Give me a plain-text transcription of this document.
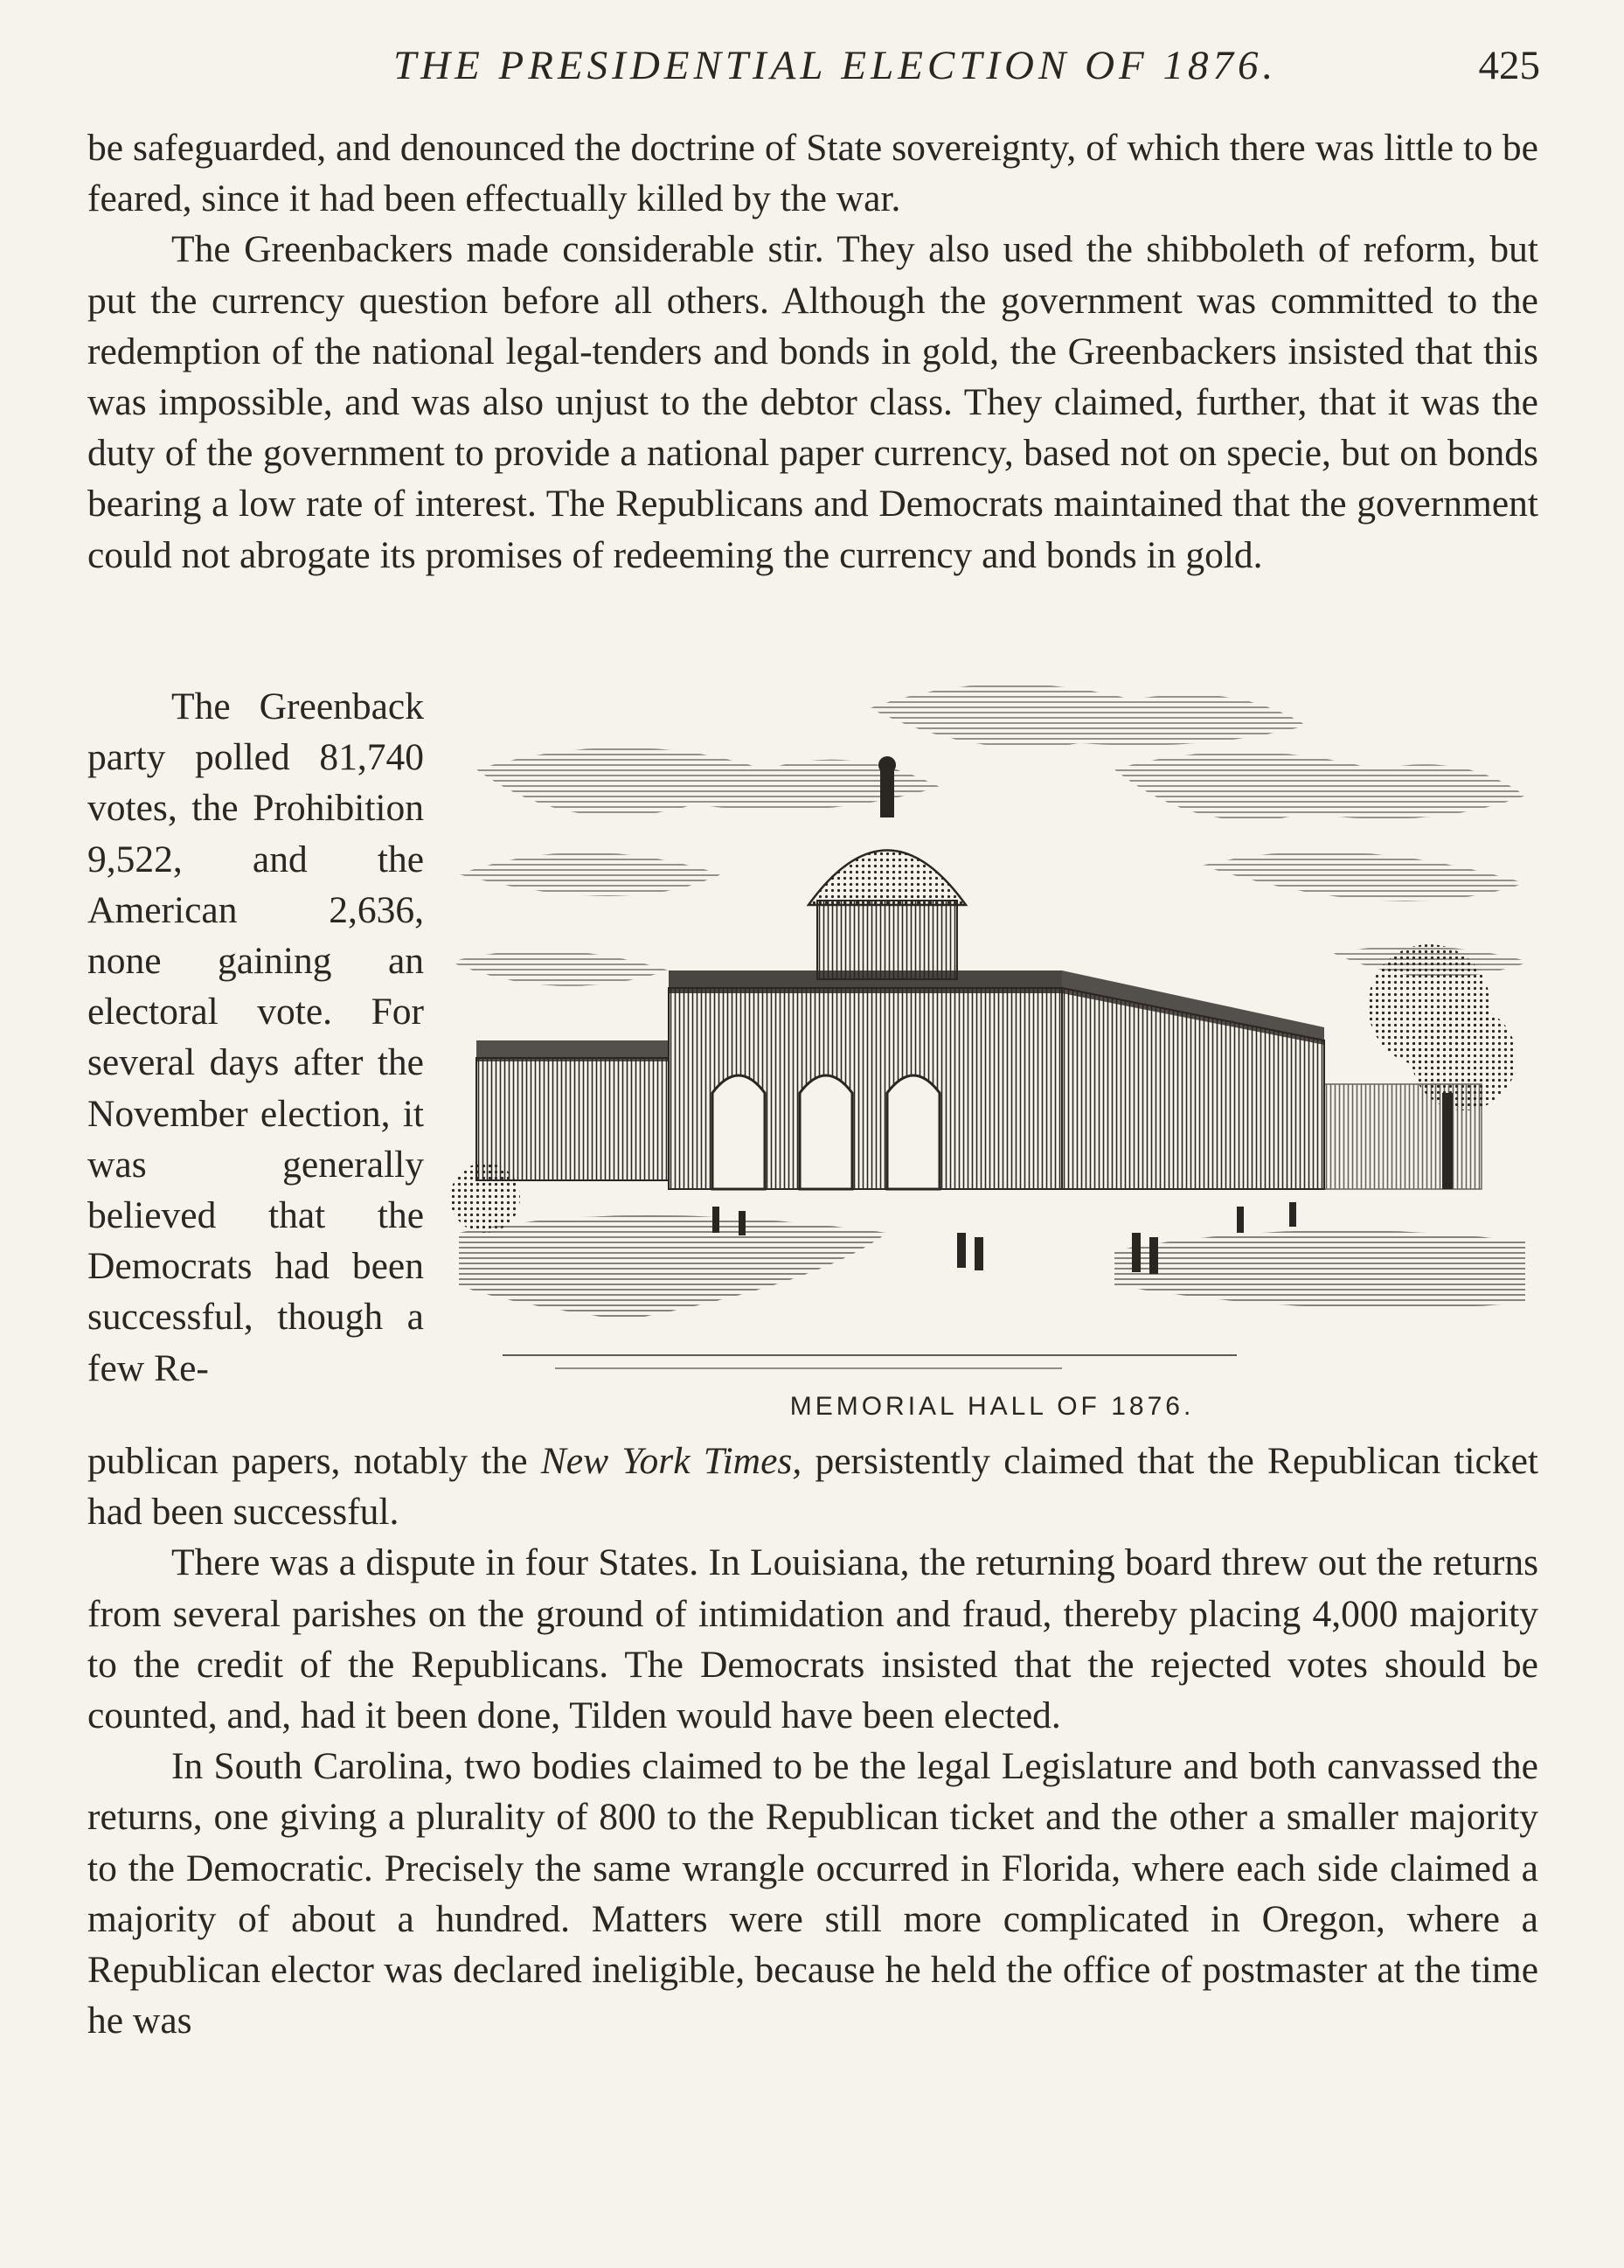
THE PRESIDENTIAL ELECTION OF 1876.	425

be safeguarded, and denounced the doctrine of State sovereignty, of which there was little to be feared, since it had been effectually killed by the war.

The Greenbackers made considerable stir. They also used the shibboleth of reform, but put the currency question before all others. Although the government was committed to the redemption of the national legal-tenders and bonds in gold, the Greenbackers insisted that this was impossible, and was also unjust to the debtor class. They claimed, further, that it was the duty of the government to provide a national paper currency, based not on specie, but on bonds bearing a low rate of interest. The Republicans and Democrats maintained that the government could not abrogate its promises of redeeming the currency and bonds in gold.

The Greenback party polled 81,740 votes, the Prohibition 9,522, and the American 2,636, none gaining an electoral vote. For several days after the November election, it was generally believed that the Democrats had been successful, though a few Re-
MEMORIAL HALL OF 1876.

publican papers, notably the New York Times, persistently claimed that the Republican ticket had been successful.

There was a dispute in four States. In Louisiana, the returning board threw out the returns from several parishes on the ground of intimidation and fraud, thereby placing 4,000 majority to the credit of the Republicans. The Democrats insisted that the rejected votes should be counted, and, had it been done, Tilden would have been elected.

In South Carolina, two bodies claimed to be the legal Legislature and both canvassed the returns, one giving a plurality of 800 to the Republican ticket and the other a smaller majority to the Democratic. Precisely the same wrangle occurred in Florida, where each side claimed a majority of about a hundred. Matters were still more complicated in Oregon, where a Republican elector was declared ineligible, because he held the office of postmaster at the time he was
